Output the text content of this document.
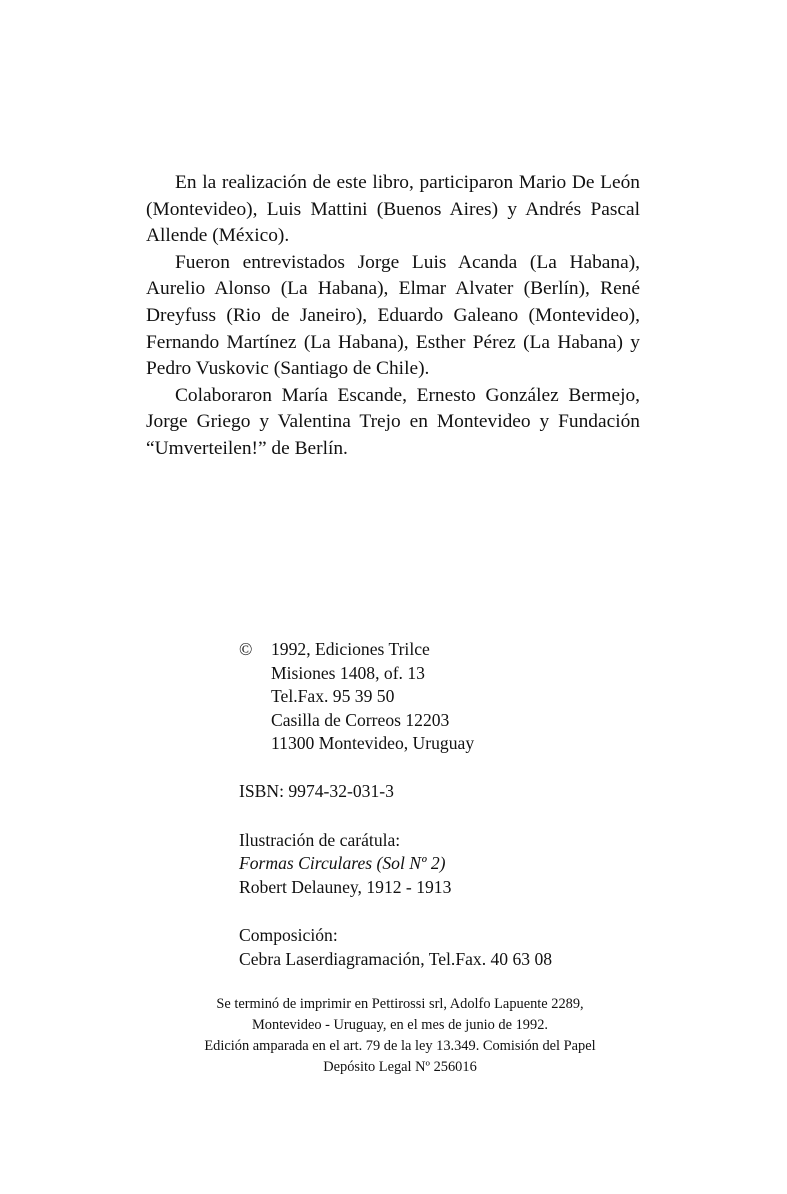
En la realización de este libro, participaron Mario De León (Montevideo), Luis Mattini (Buenos Aires) y Andrés Pascal Allende (México).

Fueron entrevistados Jorge Luis Acanda (La Habana), Aurelio Alonso (La Habana), Elmar Alvater (Berlín), René Dreyfuss (Rio de Janeiro), Eduardo Galeano (Montevideo), Fernando Martínez (La Habana), Esther Pérez (La Habana) y Pedro Vuskovic (Santiago de Chile).

Colaboraron María Escande, Ernesto González Bermejo, Jorge Griego y Valentina Trejo en Montevideo y Fundación “Umverteilen!” de Berlín.

©	1992, Ediciones Trilce
Misiones 1408, of. 13
Tel.Fax. 95 39 50
Casilla de Correos 12203
11300 Montevideo, Uruguay
ISBN: 9974-32-031-3
Ilustración de carátula:
Formas Circulares (Sol Nº 2)
Robert Delauney, 1912 - 1913
Composición:
Cebra Laserdiagramación, Tel.Fax. 40 63 08
Se terminó de imprimir en Pettirossi srl, Adolfo Lapuente 2289,
Montevideo - Uruguay, en el mes de junio de 1992.
Edición amparada en el art. 79 de la ley 13.349. Comisión del Papel
Depósito Legal Nº 256016
